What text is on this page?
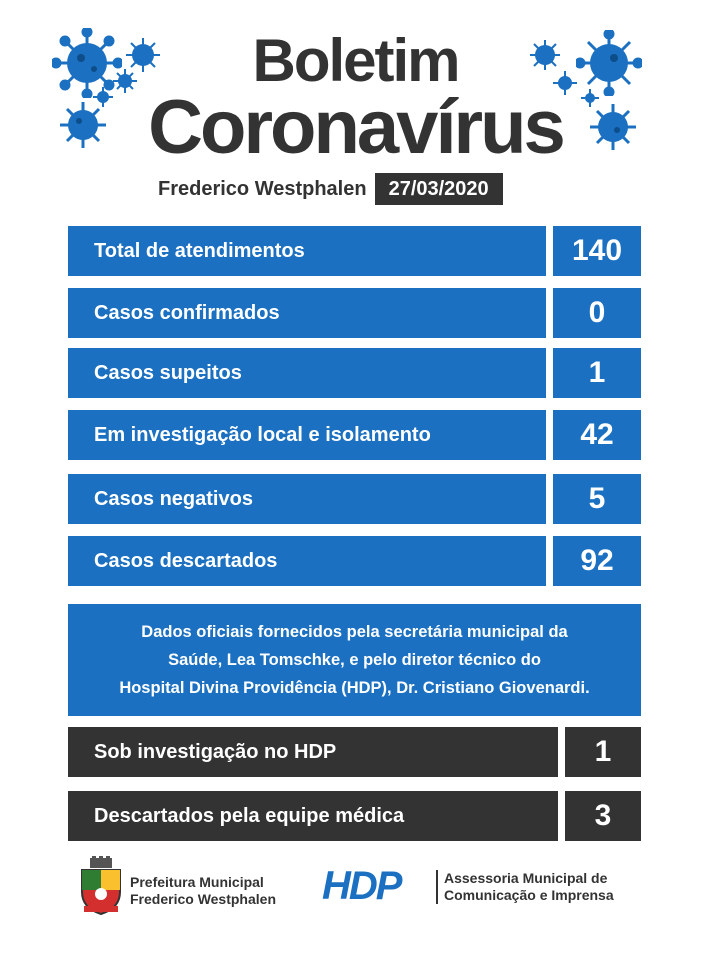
Boletim
Coronavírus
Frederico Westphalen	27/03/2020
Total de atendimentos	140
Casos confirmados	0
Casos supeitos	1
Em investigação local e isolamento	42
Casos negativos	5
Casos descartados	92
Dados oficiais fornecidos pela secretária municipal da
Saúde, Lea Tomschke, e pelo diretor técnico do
Hospital Divina Providência (HDP), Dr. Cristiano Giovenardi.
Sob investigação no HDP	1
Descartados pela equipe médica	3
Prefeitura Municipal
Frederico Westphalen HDP	Assessoria Municipal de
Comunicação e Imprensa
